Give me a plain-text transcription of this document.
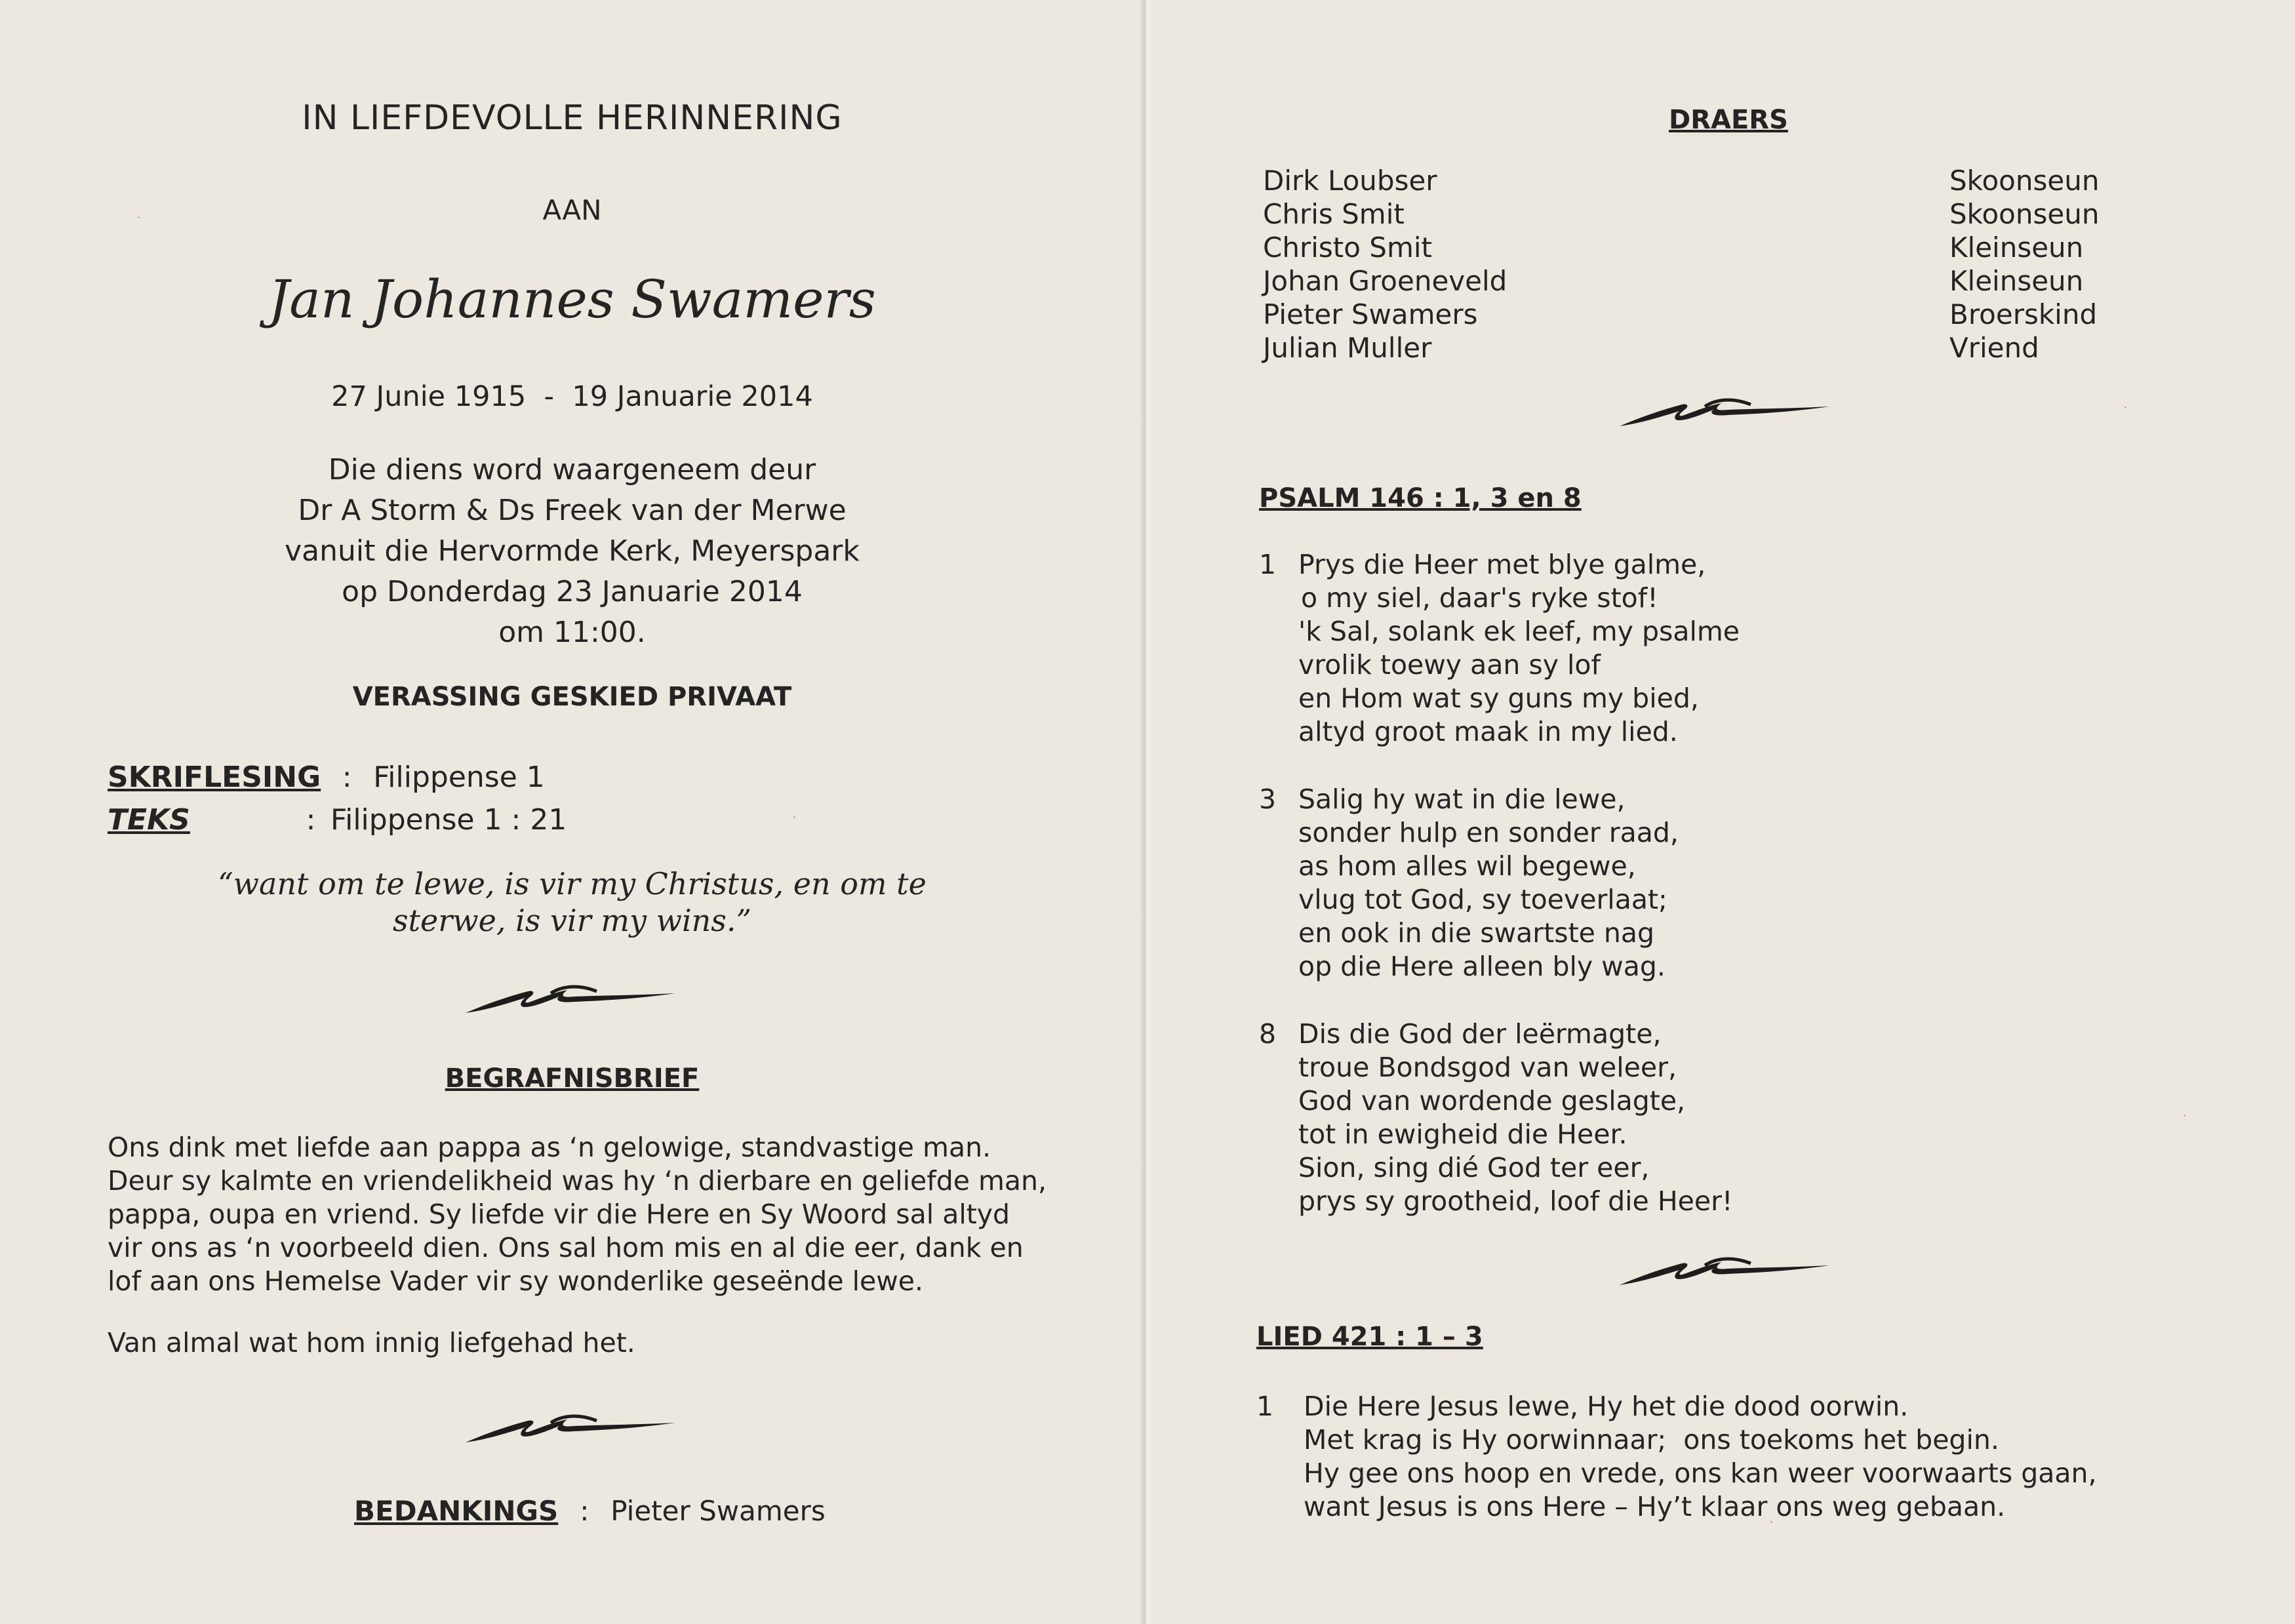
IN LIEFDEVOLLE HERINNERING
AAN
Jan Johannes Swamers
27 Junie 1915  -  19 Januarie 2014
Die diens word waargeneem deur
Dr A Storm & Ds Freek van der Merwe
vanuit die Hervormde Kerk, Meyerspark
op Donderdag 23 Januarie 2014
om 11:00.
VERASSING GESKIED PRIVAAT
SKRIFLESING : Filippense 1
TEKS	: Filippense 1 : 21
“want om te lewe, is vir my Christus, en om te
sterwe, is vir my wins.”
BEGRAFNISBRIEF
Ons dink met liefde aan pappa as ‘n gelowige, standvastige man.
Deur sy kalmte en vriendelikheid was hy ‘n dierbare en geliefde man,
pappa, oupa en vriend. Sy liefde vir die Here en Sy Woord sal altyd
vir ons as ‘n voorbeeld dien. Ons sal hom mis en al die eer, dank en
lof aan ons Hemelse Vader vir sy wonderlike geseënde lewe.
Van almal wat hom innig liefgehad het.
BEDANKINGS : Pieter Swamers
DRAERS
Dirk Loubser
Chris Smit
Christo Smit
Johan Groeneveld
Pieter Swamers
Julian Muller
Skoonseun
Skoonseun
Kleinseun
Kleinseun
Broerskind
Vriend
PSALM 146 : 1, 3 en 8
1 Prys die Heer met blye galme,
o my siel, daar's ryke stof!
'k Sal, solank ek leef, my psalme
vrolik toewy aan sy lof
en Hom wat sy guns my bied,
altyd groot maak in my lied.
3 Salig hy wat in die lewe,
sonder hulp en sonder raad,
as hom alles wil begewe,
vlug tot God, sy toeverlaat;
en ook in die swartste nag
op die Here alleen bly wag.
8 Dis die God der leërmagte,
troue Bondsgod van weleer,
God van wordende geslagte,
tot in ewigheid die Heer.
Sion, sing dié God ter eer,
prys sy grootheid, loof die Heer!
LIED 421 : 1 – 3
1 Die Here Jesus lewe, Hy het die dood oorwin.
Met krag is Hy oorwinnaar;  ons toekoms het begin.
Hy gee ons hoop en vrede, ons kan weer voorwaarts gaan,
want Jesus is ons Here – Hy’t klaar ons weg gebaan.
